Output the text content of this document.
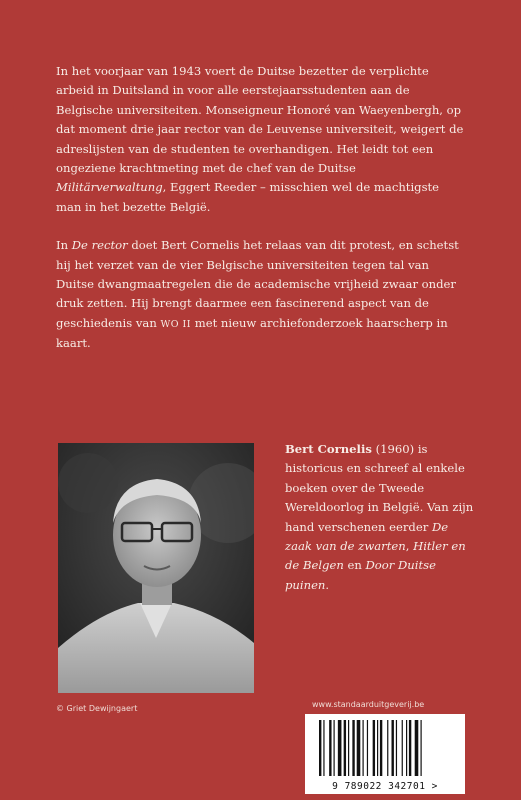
In het voorjaar van 1943 voert de Duitse bezetter de verplichte arbeid in Duitsland in voor alle eerstejaarsstudenten aan de Belgische universiteiten. Monseigneur Honoré van Waeyenbergh, op dat moment drie jaar rector van de Leuvense universiteit, weigert de adreslijsten van de studenten te overhandigen. Het leidt tot een ongeziene krachtmeting met de chef van de Duitse Militärverwaltung, Eggert Reeder – misschien wel de machtigste man in het bezette België.

In De rector doet Bert Cornelis het relaas van dit protest, en schetst hij het verzet van de vier Belgische universiteiten tegen tal van Duitse dwangmaatregelen die de academische vrijheid zwaar onder druk zetten. Hij brengt daarmee een fascinerend aspect van de geschiedenis van WO II met nieuw archiefonderzoek haarscherp in kaart.

© Griet Dewijngaert
Bert Cornelis (1960) is historicus en schreef al enkele boeken over de Tweede Wereldoorlog in België. Van zijn hand verschenen eerder De zaak van de zwarten, Hitler en de Belgen en Door Duitse puinen.
www.standaarduitgeverij.be
9 789022 342701 >
